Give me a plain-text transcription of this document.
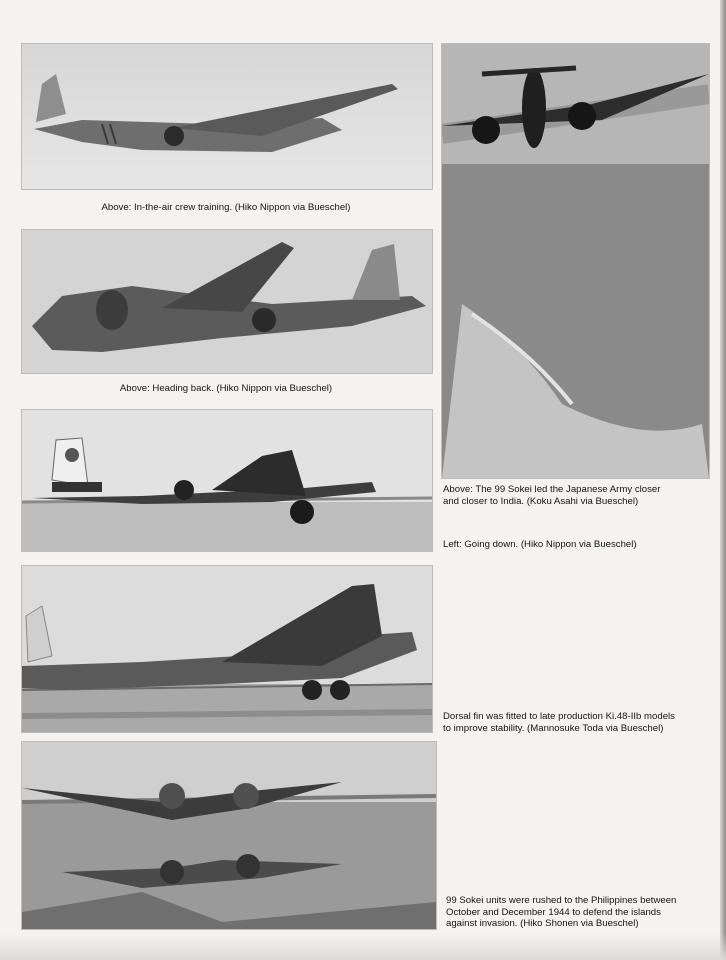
Above: In-the-air crew training. (Hiko Nippon via Bueschel)

Above: Heading back. (Hiko Nippon via Bueschel)

Above: The 99 Sokei led the Japanese Army closer
and closer to India. (Koku Asahi via Bueschel)

Left: Going down. (Hiko Nippon via Bueschel)

Dorsal fin was fitted to late production Ki.48-IIb models
to improve stability. (Mannosuke Toda via Bueschel)

99 Sokei units were rushed to the Philippines between
October and December 1944 to defend the islands
against invasion. (Hiko Shonen via Bueschel)
